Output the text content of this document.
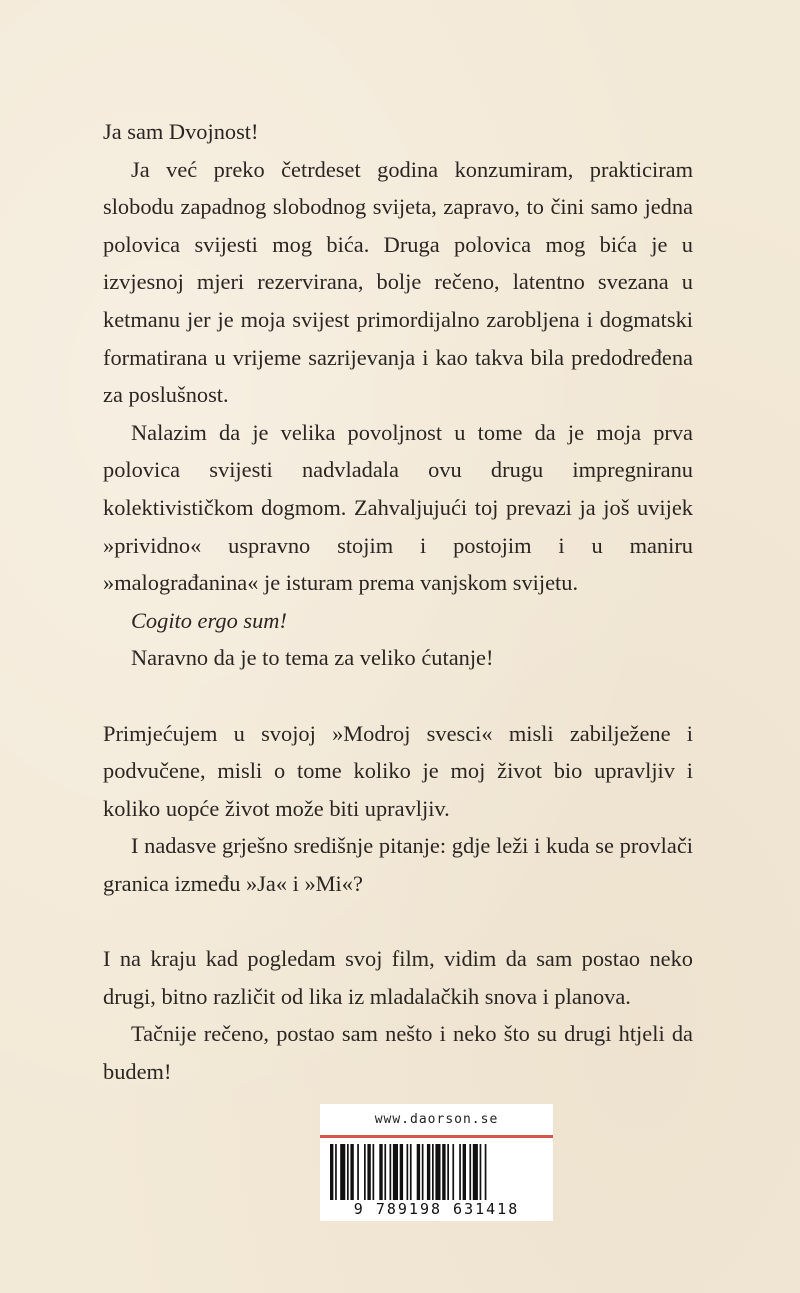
Ja sam Dvojnost!

Ja već preko četrdeset godina konzumiram, prakticiram slobodu zapadnog slobodnog svijeta, zapravo, to čini samo jedna polovica svijesti mog bića. Druga polovica mog bića je u izvjesnoj mjeri rezervirana, bolje rečeno, latentno svezana u ketmanu jer je moja svijest primordijalno zarobljena i dogmatski formatirana u vrijeme sazrijevanja i kao takva bila predodređena za poslušnost.

Nalazim da je velika povoljnost u tome da je moja prva polovica svijesti nadvladala ovu drugu impregniranu kolektivističkom dogmom. Zahvaljujući toj prevazi ja još uvijek »prividno« uspravno stojim i postojim i u maniru »malograđanina« je isturam prema vanjskom svijetu.

Cogito ergo sum!

Naravno da je to tema za veliko ćutanje!

Primjećujem u svojoj »Modroj svesci« misli zabilježene i podvučene, misli o tome koliko je moj život bio upravljiv i koliko uopće život može biti upravljiv.

I nadasve grješno središnje pitanje: gdje leži i kuda se provlači granica između »Ja« i »Mi«?

I na kraju kad pogledam svoj film, vidim da sam postao neko drugi, bitno različit od lika iz mladalačkih snova i planova.

Tačnije rečeno, postao sam nešto i neko što su drugi htjeli da budem!

www.daorson.se
9 789198 631418
